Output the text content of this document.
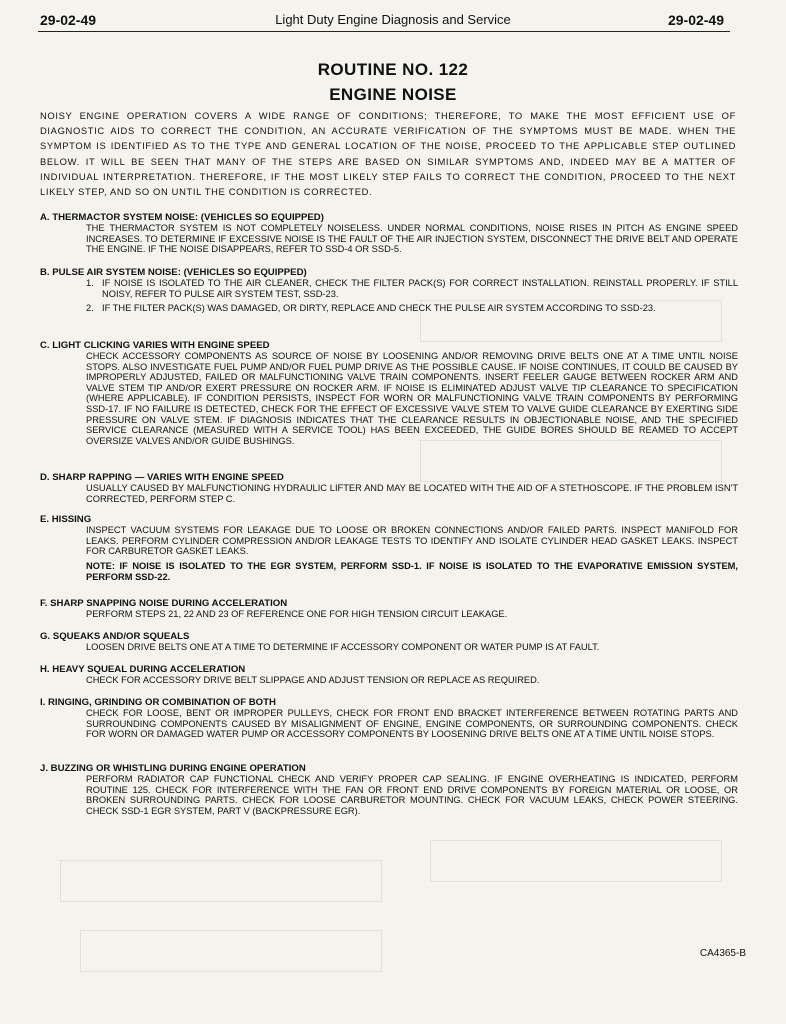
29-02-49	Light Duty Engine Diagnosis and Service	29-02-49
ROUTINE NO. 122
ENGINE NOISE
NOISY ENGINE OPERATION COVERS A WIDE RANGE OF CONDITIONS; THEREFORE, TO MAKE THE MOST EFFICIENT USE OF DIAGNOSTIC AIDS TO CORRECT THE CONDITION, AN ACCURATE VERIFICATION OF THE SYMPTOMS MUST BE MADE. WHEN THE SYMPTOM IS IDENTIFIED AS TO THE TYPE AND GENERAL LOCATION OF THE NOISE, PROCEED TO THE APPLICABLE STEP OUTLINED BELOW. IT WILL BE SEEN THAT MANY OF THE STEPS ARE BASED ON SIMILAR SYMPTOMS AND, INDEED MAY BE A MATTER OF INDIVIDUAL INTERPRETATION. THEREFORE, IF THE MOST LIKELY STEP FAILS TO CORRECT THE CONDITION, PROCEED TO THE NEXT LIKELY STEP, AND SO ON UNTIL THE CONDITION IS CORRECTED.
A. THERMACTOR SYSTEM NOISE: (VEHICLES SO EQUIPPED)
THE THERMACTOR SYSTEM IS NOT COMPLETELY NOISELESS. UNDER NORMAL CONDITIONS, NOISE RISES IN PITCH AS ENGINE SPEED INCREASES. TO DETERMINE IF EXCESSIVE NOISE IS THE FAULT OF THE AIR INJECTION SYSTEM, DISCONNECT THE DRIVE BELT AND OPERATE THE ENGINE. IF THE NOISE DISAPPEARS, REFER TO SSD-4 OR SSD-5.
B. PULSE AIR SYSTEM NOISE: (VEHICLES SO EQUIPPED)
1. IF NOISE IS ISOLATED TO THE AIR CLEANER, CHECK THE FILTER PACK(S) FOR CORRECT INSTALLATION. REINSTALL PROPERLY. IF STILL NOISY, REFER TO PULSE AIR SYSTEM TEST, SSD-23.
2. IF THE FILTER PACK(S) WAS DAMAGED, OR DIRTY, REPLACE AND CHECK THE PULSE AIR SYSTEM ACCORDING TO SSD-23.
C. LIGHT CLICKING VARIES WITH ENGINE SPEED
CHECK ACCESSORY COMPONENTS AS SOURCE OF NOISE BY LOOSENING AND/OR REMOVING DRIVE BELTS ONE AT A TIME UNTIL NOISE STOPS. ALSO INVESTIGATE FUEL PUMP AND/OR FUEL PUMP DRIVE AS THE POSSIBLE CAUSE. IF NOISE CONTINUES, IT COULD BE CAUSED BY IMPROPERLY ADJUSTED, FAILED OR MALFUNCTIONING VALVE TRAIN COMPONENTS. INSERT FEELER GAUGE BETWEEN ROCKER ARM AND VALVE STEM TIP AND/OR EXERT PRESSURE ON ROCKER ARM. IF NOISE IS ELIMINATED ADJUST VALVE TIP CLEARANCE TO SPECIFICATION (WHERE APPLICABLE). IF CONDITION PERSISTS, INSPECT FOR WORN OR MALFUNCTIONING VALVE TRAIN COMPONENTS BY PERFORMING SSD-17. IF NO FAILURE IS DETECTED, CHECK FOR THE EFFECT OF EXCESSIVE VALVE STEM TO VALVE GUIDE CLEARANCE BY EXERTING SIDE PRESSURE ON VALVE STEM. IF DIAGNOSIS INDICATES THAT THE CLEARANCE RESULTS IN OBJECTIONABLE NOISE, AND THE SPECIFIED SERVICE CLEARANCE (MEASURED WITH A SERVICE TOOL) HAS BEEN EXCEEDED, THE GUIDE BORES SHOULD BE REAMED TO ACCEPT OVERSIZE VALVES AND/OR GUIDE BUSHINGS.
D. SHARP RAPPING — VARIES WITH ENGINE SPEED
USUALLY CAUSED BY MALFUNCTIONING HYDRAULIC LIFTER AND MAY BE LOCATED WITH THE AID OF A STETHOSCOPE. IF THE PROBLEM ISN'T CORRECTED, PERFORM STEP C.
E. HISSING
INSPECT VACUUM SYSTEMS FOR LEAKAGE DUE TO LOOSE OR BROKEN CONNECTIONS AND/OR FAILED PARTS. INSPECT MANIFOLD FOR LEAKS. PERFORM CYLINDER COMPRESSION AND/OR LEAKAGE TESTS TO IDENTIFY AND ISOLATE CYLINDER HEAD GASKET LEAKS. INSPECT FOR CARBURETOR GASKET LEAKS.
NOTE: IF NOISE IS ISOLATED TO THE EGR SYSTEM, PERFORM SSD-1. IF NOISE IS ISOLATED TO THE EVAPORATIVE EMISSION SYSTEM, PERFORM SSD-22.
F. SHARP SNAPPING NOISE DURING ACCELERATION
PERFORM STEPS 21, 22 AND 23 OF REFERENCE ONE FOR HIGH TENSION CIRCUIT LEAKAGE.
G. SQUEAKS AND/OR SQUEALS
LOOSEN DRIVE BELTS ONE AT A TIME TO DETERMINE IF ACCESSORY COMPONENT OR WATER PUMP IS AT FAULT.
H. HEAVY SQUEAL DURING ACCELERATION
CHECK FOR ACCESSORY DRIVE BELT SLIPPAGE AND ADJUST TENSION OR REPLACE AS REQUIRED.
I. RINGING, GRINDING OR COMBINATION OF BOTH
CHECK FOR LOOSE, BENT OR IMPROPER PULLEYS, CHECK FOR FRONT END BRACKET INTERFERENCE BETWEEN ROTATING PARTS AND SURROUNDING COMPONENTS CAUSED BY MISALIGNMENT OF ENGINE, ENGINE COMPONENTS, OR SURROUNDING COMPONENTS. CHECK FOR WORN OR DAMAGED WATER PUMP OR ACCESSORY COMPONENTS BY LOOSENING DRIVE BELTS ONE AT A TIME UNTIL NOISE STOPS.
J. BUZZING OR WHISTLING DURING ENGINE OPERATION
PERFORM RADIATOR CAP FUNCTIONAL CHECK AND VERIFY PROPER CAP SEALING. IF ENGINE OVERHEATING IS INDICATED, PERFORM ROUTINE 125. CHECK FOR INTERFERENCE WITH THE FAN OR FRONT END DRIVE COMPONENTS BY FOREIGN MATERIAL OR LOOSE, OR BROKEN SURROUNDING PARTS. CHECK FOR LOOSE CARBURETOR MOUNTING. CHECK FOR VACUUM LEAKS, CHECK POWER STEERING. CHECK SSD-1 EGR SYSTEM, PART V (BACKPRESSURE EGR).
CA4365-B
